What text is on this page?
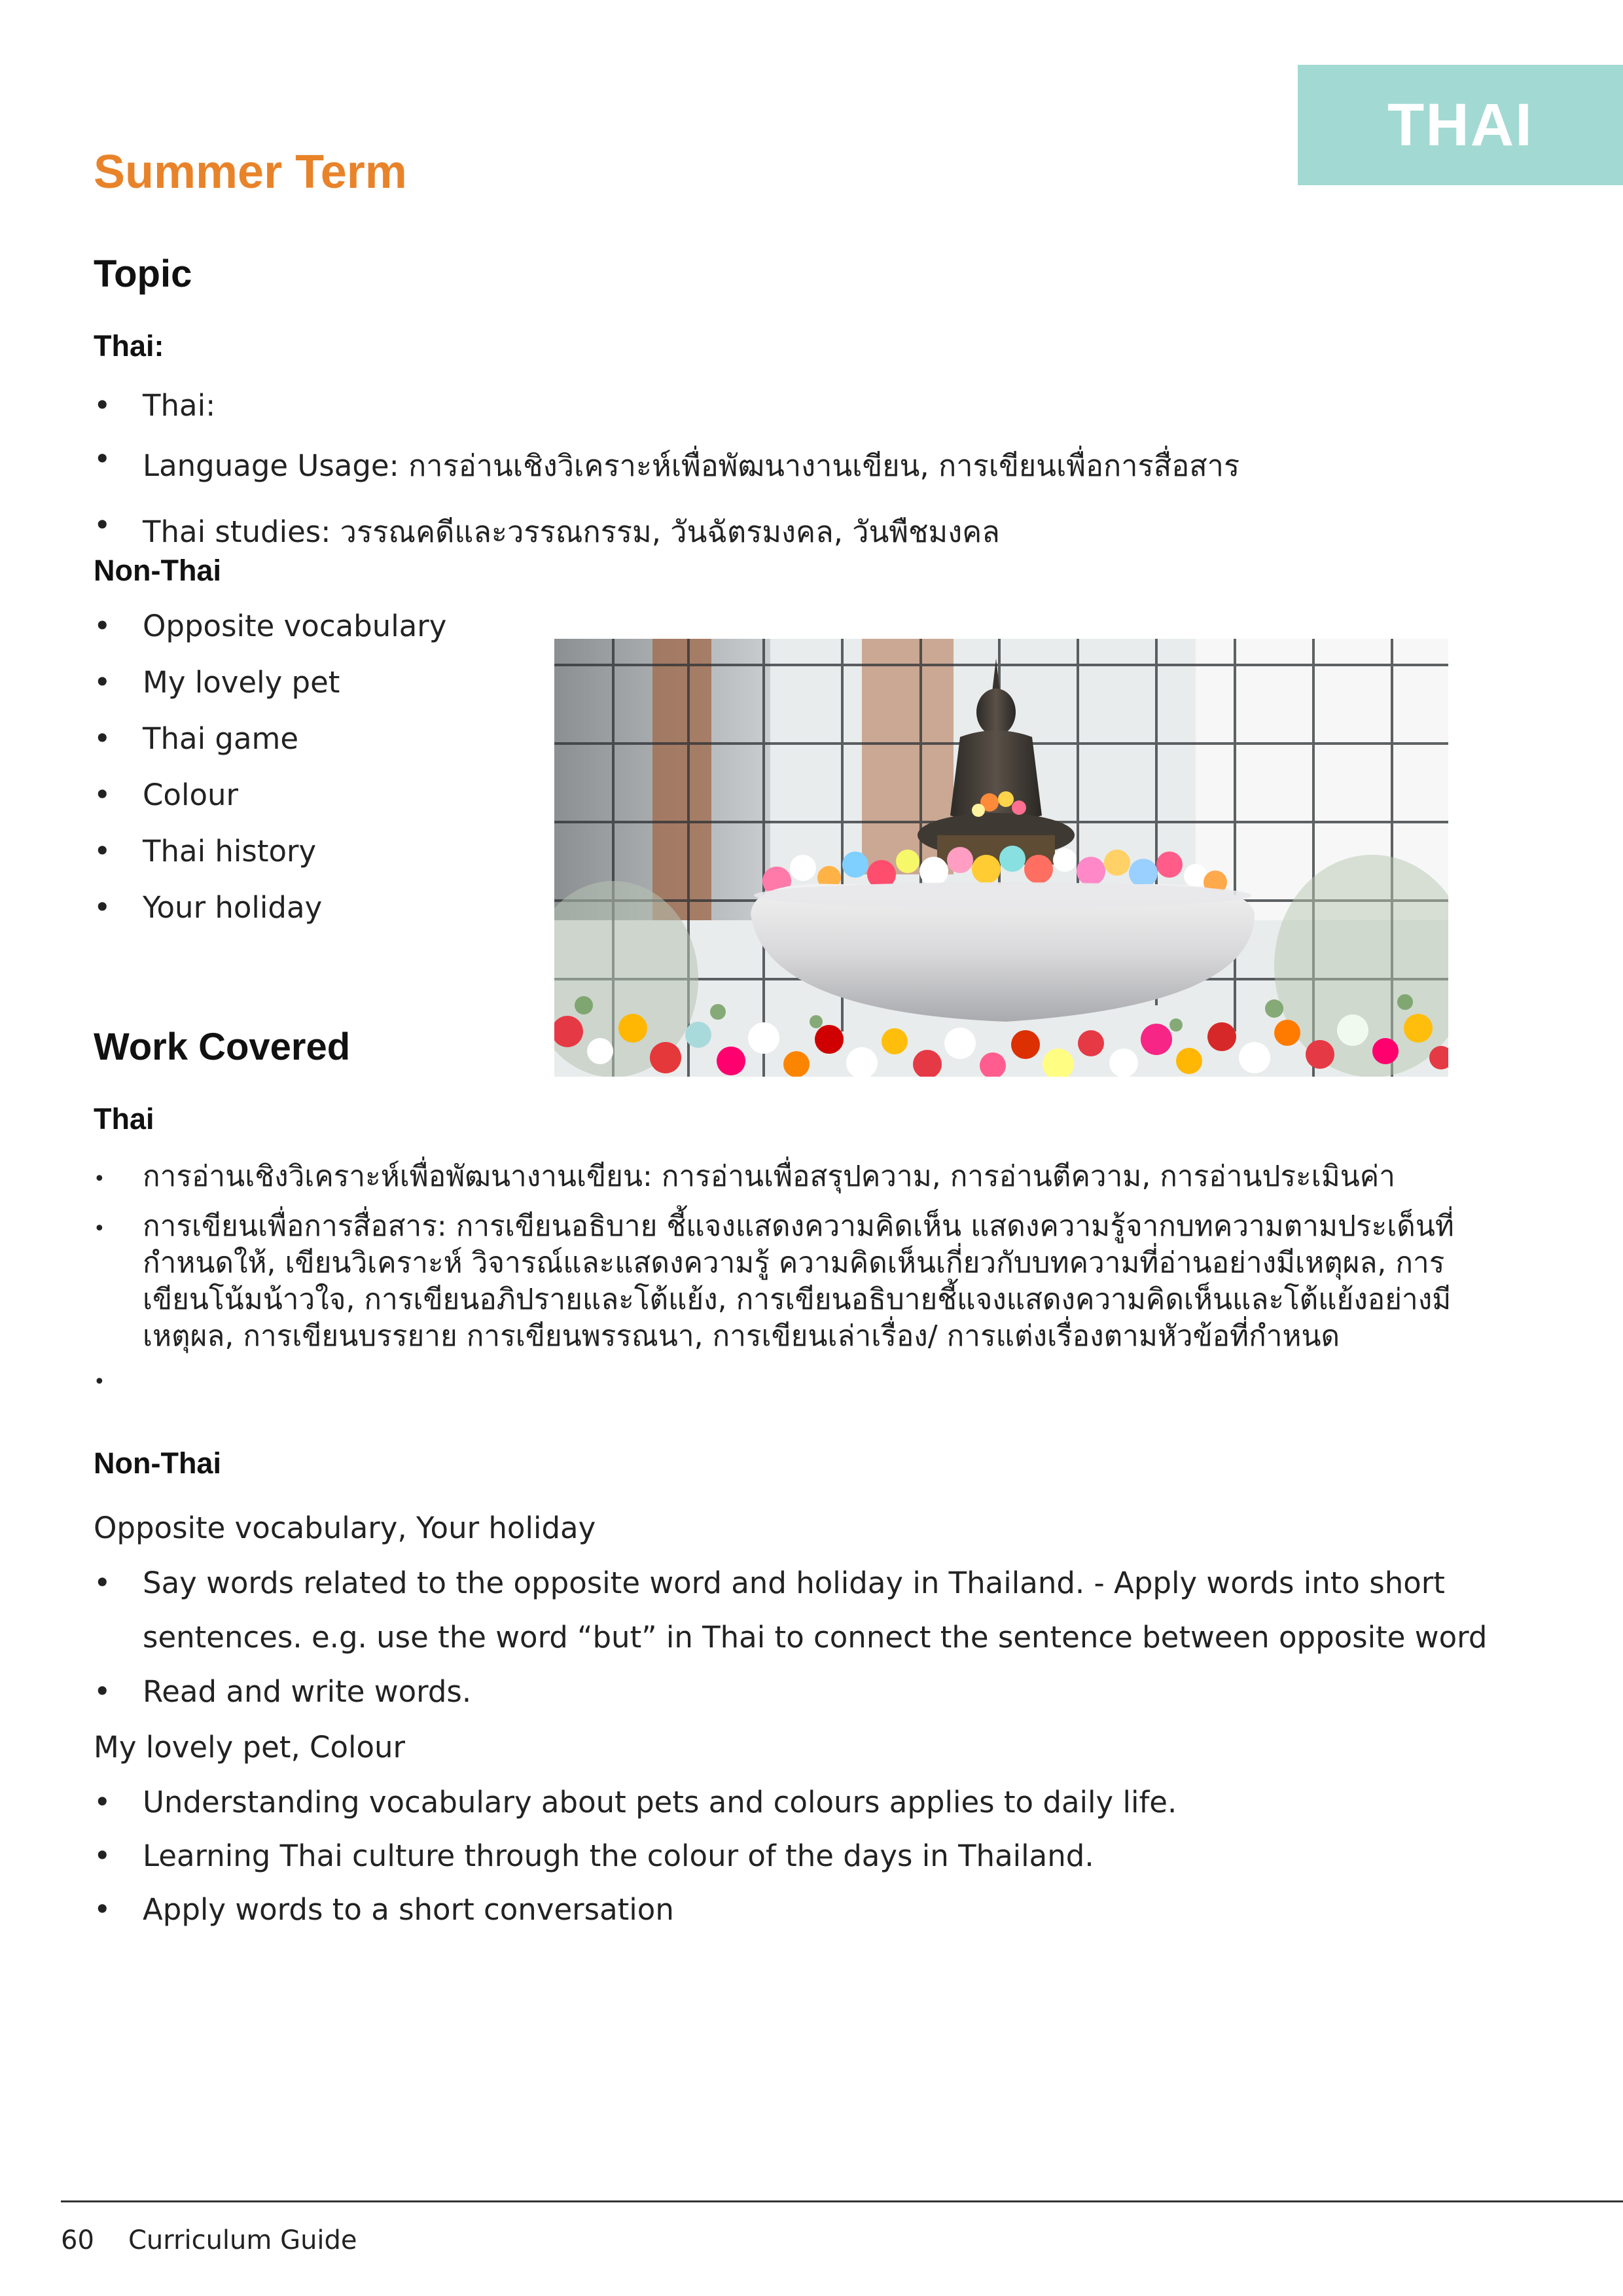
THAI
Summer Term
Topic
Thai:
• Thai:
• Language Usage: การอ่านเชิงวิเคราะห์เพื่อพัฒนางานเขียน, การเขียนเพื่อการสื่อสาร
• Thai studies: วรรณคดีและวรรณกรรม, วันฉัตรมงคล, วันพืชมงคล
Non-Thai
• Opposite vocabulary
• My lovely pet
• Thai game
• Colour
• Thai history
• Your holiday
Work Covered
Thai
• การอ่านเชิงวิเคราะห์เพื่อพัฒนางานเขียน: การอ่านเพื่อสรุปความ, การอ่านตีความ, การอ่านประเมินค่า
• การเขียนเพื่อการสื่อสาร: การเขียนอธิบาย ชี้แจงแสดงความคิดเห็น แสดงความรู้จากบทความตามประเด็นที่กำหนดให้, เขียนวิเคราะห์ วิจารณ์และแสดงความรู้ ความคิดเห็นเกี่ยวกับบทความที่อ่านอย่างมีเหตุผล, การเขียนโน้มน้าวใจ, การเขียนอภิปรายและโต้แย้ง, การเขียนอธิบายชี้แจงแสดงความคิดเห็นและโต้แย้งอย่างมีเหตุผล, การเขียนบรรยาย การเขียนพรรณนา, การเขียนเล่าเรื่อง/ การแต่งเรื่องตามหัวข้อที่กำหนด
•
Non-Thai
Opposite vocabulary, Your holiday
• Say words related to the opposite word and holiday in Thailand. - Apply words into short
sentences. e.g. use the word “but” in Thai to connect the sentence between opposite word
• Read and write words.
My lovely pet, Colour
• Understanding vocabulary about pets and colours applies to daily life.
• Learning Thai culture through the colour of the days in Thailand.
• Apply words to a short conversation
60 Curriculum Guide
